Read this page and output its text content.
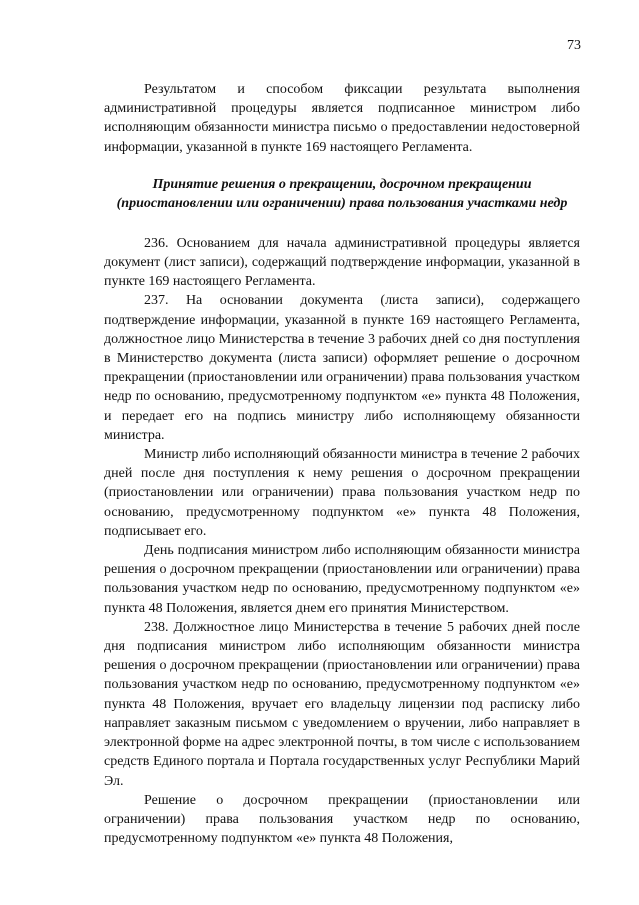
73

Результатом и способом фиксации результата выполнения административной процедуры является подписанное министром либо исполняющим обязанности министра письмо о предоставлении недостоверной информации, указанной в пункте 169 настоящего Регламента.

Принятие решения о прекращении, досрочном прекращении (приостановлении или ограничении) права пользования участками недр

236. Основанием для начала административной процедуры является документ (лист записи), содержащий подтверждение информации, указанной в пункте 169 настоящего Регламента.

237. На основании документа (листа записи), содержащего подтверждение информации, указанной в пункте 169 настоящего Регламента, должностное лицо Министерства в течение 3 рабочих дней со дня поступления в Министерство документа (листа записи) оформляет решение о досрочном прекращении (приостановлении или ограничении) права пользования участком недр по основанию, предусмотренному подпунктом «е» пункта 48 Положения, и передает его на подпись министру либо исполняющему обязанности министра.

Министр либо исполняющий обязанности министра в течение 2 рабочих дней после дня поступления к нему решения о досрочном прекращении (приостановлении или ограничении) права пользования участком недр по основанию, предусмотренному подпунктом «е» пункта 48 Положения, подписывает его.

День подписания министром либо исполняющим обязанности министра решения о досрочном прекращении (приостановлении или ограничении) права пользования участком недр по основанию, предусмотренному подпунктом «е» пункта 48 Положения, является днем его принятия Министерством.

238. Должностное лицо Министерства в течение 5 рабочих дней после дня подписания министром либо исполняющим обязанности министра решения о досрочном прекращении (приостановлении или ограничении) права пользования участком недр по основанию, предусмотренному подпунктом «е» пункта 48 Положения, вручает его владельцу лицензии под расписку либо направляет заказным письмом с уведомлением о вручении, либо направляет в электронной форме на адрес электронной почты, в том числе с использованием средств Единого портала и Портала государственных услуг Республики Марий Эл.

Решение о досрочном прекращении (приостановлении или ограничении) права пользования участком недр по основанию, предусмотренному подпунктом «е» пункта 48 Положения,
